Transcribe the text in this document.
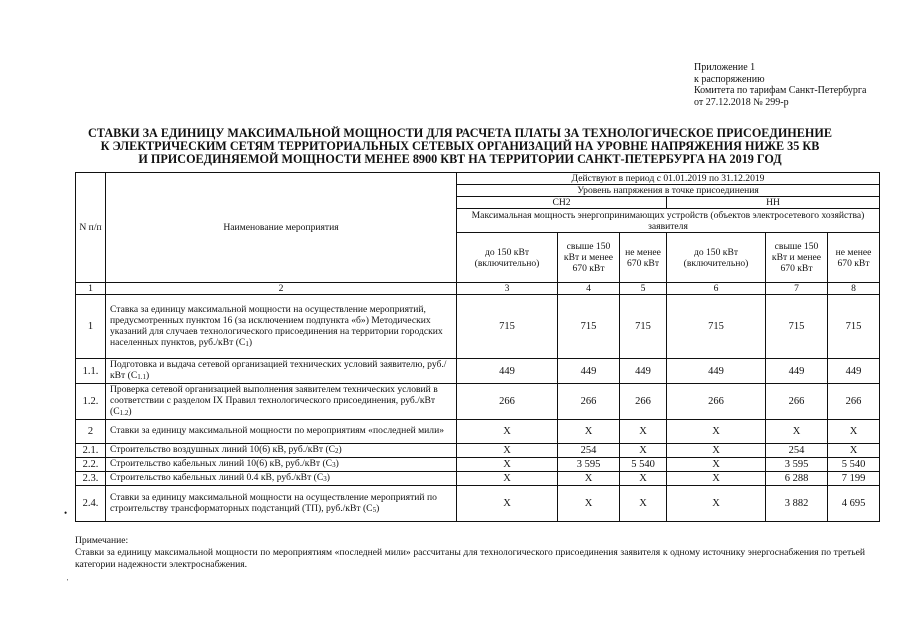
Приложение 1
к распоряжению
Комитета по тарифам Санкт-Петербурга
от 27.12.2018 № 299-р
СТАВКИ ЗА ЕДИНИЦУ МАКСИМАЛЬНОЙ МОЩНОСТИ ДЛЯ РАСЧЕТА ПЛАТЫ ЗА ТЕХНОЛОГИЧЕСКОЕ ПРИСОЕДИНЕНИЕ
К ЭЛЕКТРИЧЕСКИМ СЕТЯМ ТЕРРИТОРИАЛЬНЫХ СЕТЕВЫХ ОРГАНИЗАЦИЙ НА УРОВНЕ НАПРЯЖЕНИЯ НИЖЕ 35 КВ
И ПРИСОЕДИНЯЕМОЙ МОЩНОСТИ МЕНЕЕ 8900 КВТ НА ТЕРРИТОРИИ САНКТ-ПЕТЕРБУРГА НА 2019 ГОД
N п/п	Наименование мероприятия	Действуют в период с 01.01.2019 по 31.12.2019					
		Уровень напряжения в точке присоединения					
		СН2			НН		
		Максимальная мощность энергопринимающих устройств (объектов электросетевого хозяйства) заявителя					
		до 150 кВт (включительно)	свыше 150 кВт и менее 670 кВт	не менее 670 кВт	до 150 кВт (включительно)	свыше 150 кВт и менее 670 кВт	не менее 670 кВт
1	2	3	4	5	6	7	8
1	Ставка за единицу максимальной мощности на осуществление мероприятий, предусмотренных пунктом 16 (за исключением подпункта «б») Методических указаний для случаев технологического присоединения на территории городских населенных пунктов, руб./кВт (C1)	715	715	715	715	715	715
1.1.	Подготовка и выдача сетевой организацией технических условий заявителю, руб./кВт (C1.1)	449	449	449	449	449	449
1.2.	Проверка сетевой организацией выполнения заявителем технических условий в соответствии с разделом IX Правил технологического присоединения, руб./кВт (C1.2)	266	266	266	266	266	266
2	Ставки за единицу максимальной мощности по мероприятиям «последней мили»	Х	Х	Х	Х	Х	Х
2.1.	Строительство воздушных линий 10(6) кВ, руб./кВт (C2)	Х	254	Х	Х	254	Х
2.2.	Строительство кабельных линий 10(6) кВ, руб./кВт (C3)	Х	3 595	5 540	Х	3 595	5 540
2.3.	Строительство кабельных линий 0.4 кВ, руб./кВт (C3)	Х	Х	Х	Х	6 288	7 199
2.4.	Ставки за единицу максимальной мощности на осуществление мероприятий по строительству трансформаторных подстанций (ТП), руб./кВт (C5)	Х	Х	Х	Х	3 882	4 695
Примечание:
Ставки за единицу максимальной мощности по мероприятиям «последней мили» рассчитаны для технологического присоединения заявителя к одному источнику энергоснабжения по третьей категории надежности электроснабжения.
•
'
